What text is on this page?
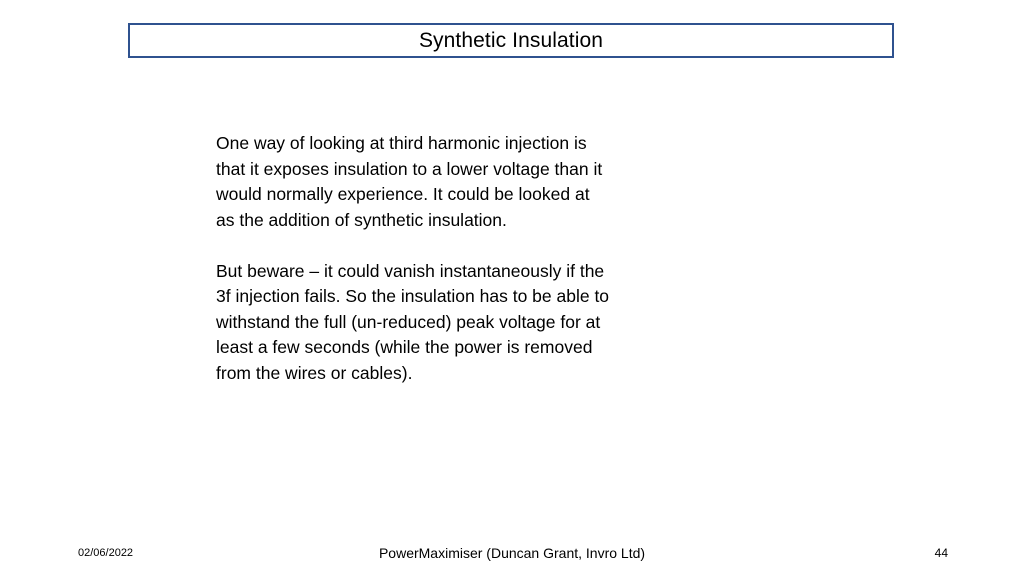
Synthetic Insulation

One way of looking at third harmonic injection is
that it exposes insulation to a lower voltage than it
would normally experience. It could be looked at
as the addition of synthetic insulation.

But beware – it could vanish instantaneously if the
3f injection fails. So the insulation has to be able to
withstand the full (un-reduced) peak voltage for at
least a few seconds (while the power is removed
from the wires or cables).

02/06/2022	PowerMaximiser (Duncan Grant, Invro Ltd)	44
